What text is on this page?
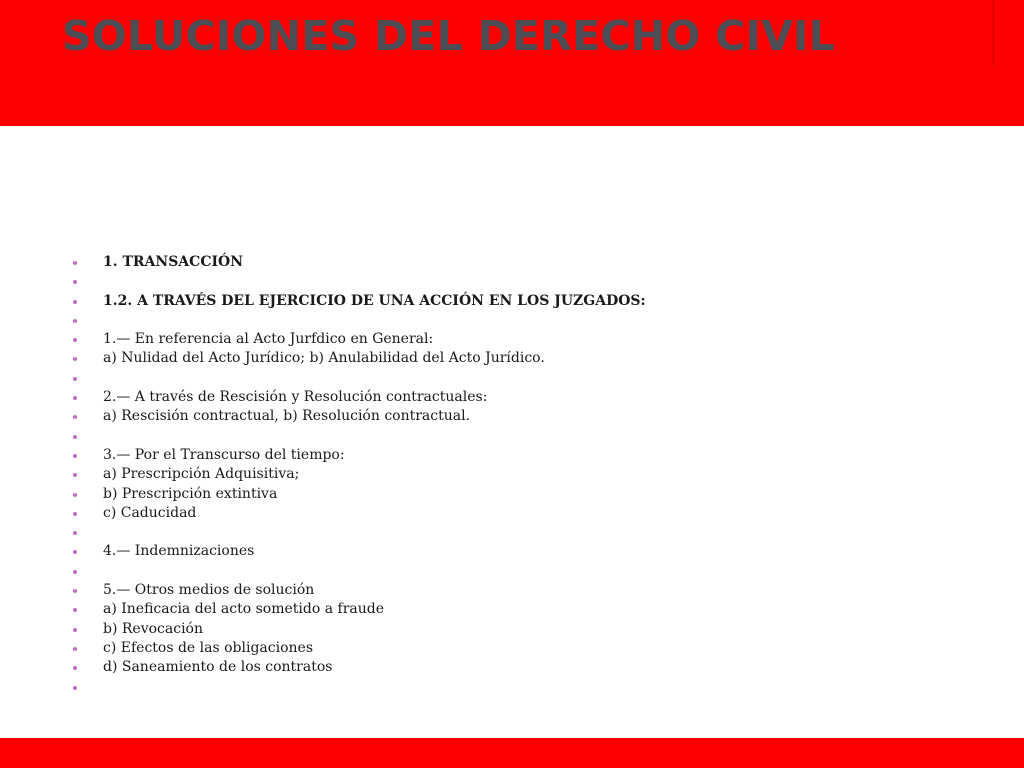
SOLUCIONES DEL DERECHO CIVIL
1. TRANSACCIÓN
1.2. A TRAVÉS DEL EJERCICIO DE UNA ACCIÓN EN LOS JUZGADOS:
1.— En referencia al Acto Jurfdico en General:
a) Nulidad del Acto Jurídico; b) Anulabilidad del Acto Jurídico.
2.— A través de Rescisión y Resolución contractuales:
a) Rescisión contractual, b) Resolución contractual.
3.— Por el Transcurso del tiempo:
a) Prescripción Adquisitiva;
b) Prescripción extintiva
c) Caducidad
4.— Indemnizaciones
5.— Otros medios de solución
a) Ineficacia del acto sometido a fraude
b) Revocación
c) Efectos de las obligaciones
d) Saneamiento de los contratos
